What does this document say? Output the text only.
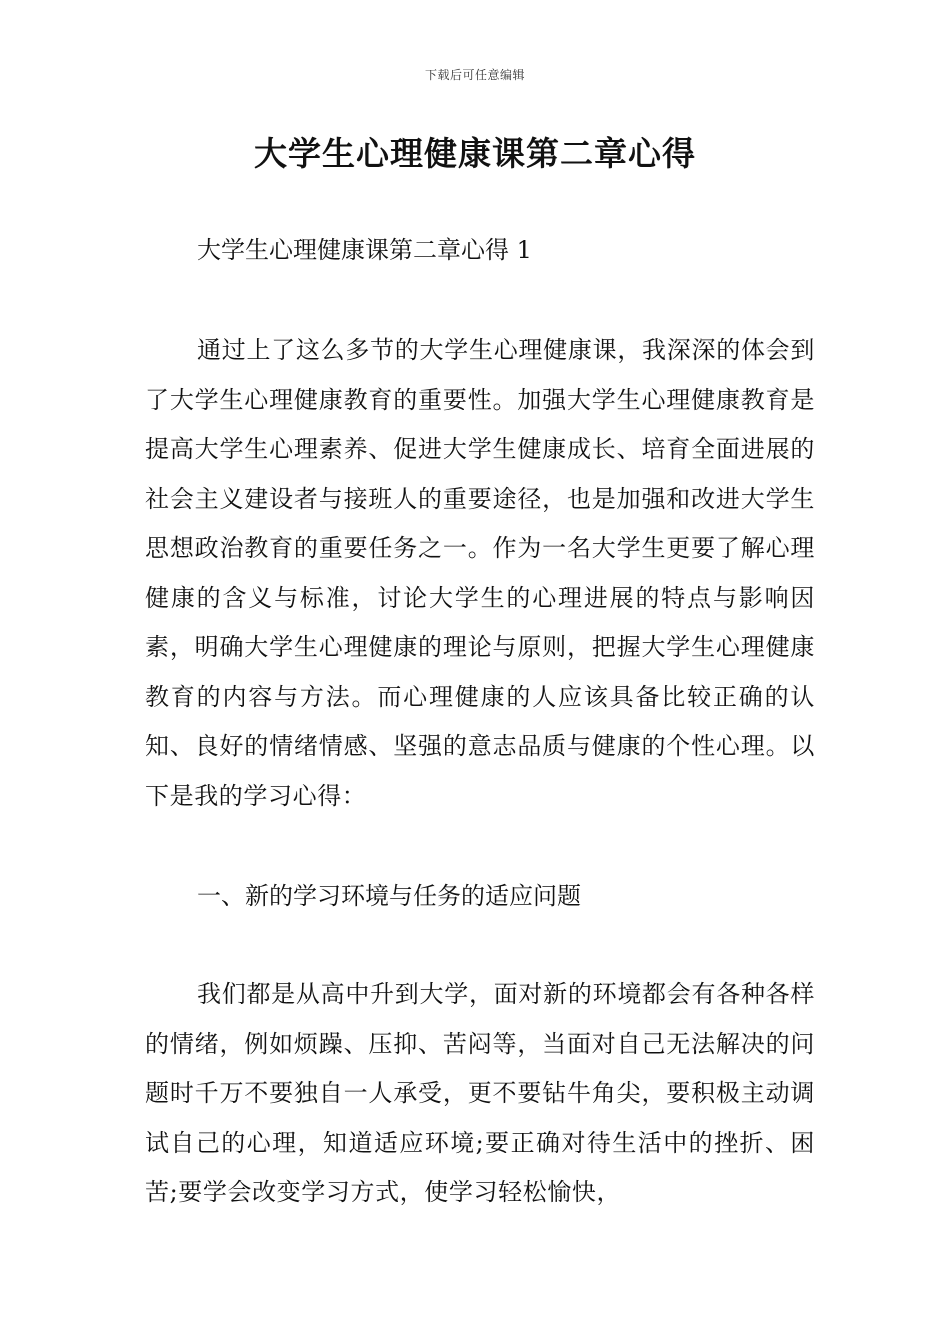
下载后可任意编辑
大学生心理健康课第二章心得

大学生心理健康课第二章心得 1

通过上了这么多节的大学生心理健康课，我深深的体会到了大学生心理健康教育的重要性。加强大学生心理健康教育是提高大学生心理素养、促进大学生健康成长、培育全面进展的社会主义建设者与接班人的重要途径，也是加强和改进大学生思想政治教育的重要任务之一。作为一名大学生更要了解心理健康的含义与标准，讨论大学生的心理进展的特点与影响因素，明确大学生心理健康的理论与原则，把握大学生心理健康教育的内容与方法。而心理健康的人应该具备比较正确的认知、良好的情绪情感、坚强的意志品质与健康的个性心理。以下是我的学习心得：

一、新的学习环境与任务的适应问题

我们都是从高中升到大学，面对新的环境都会有各种各样的情绪，例如烦躁、压抑、苦闷等，当面对自己无法解决的问题时千万不要独自一人承受，更不要钻牛角尖，要积极主动调试自己的心理，知道适应环境;要正确对待生活中的挫折、困苦;要学会改变学习方式，使学习轻松愉快，
